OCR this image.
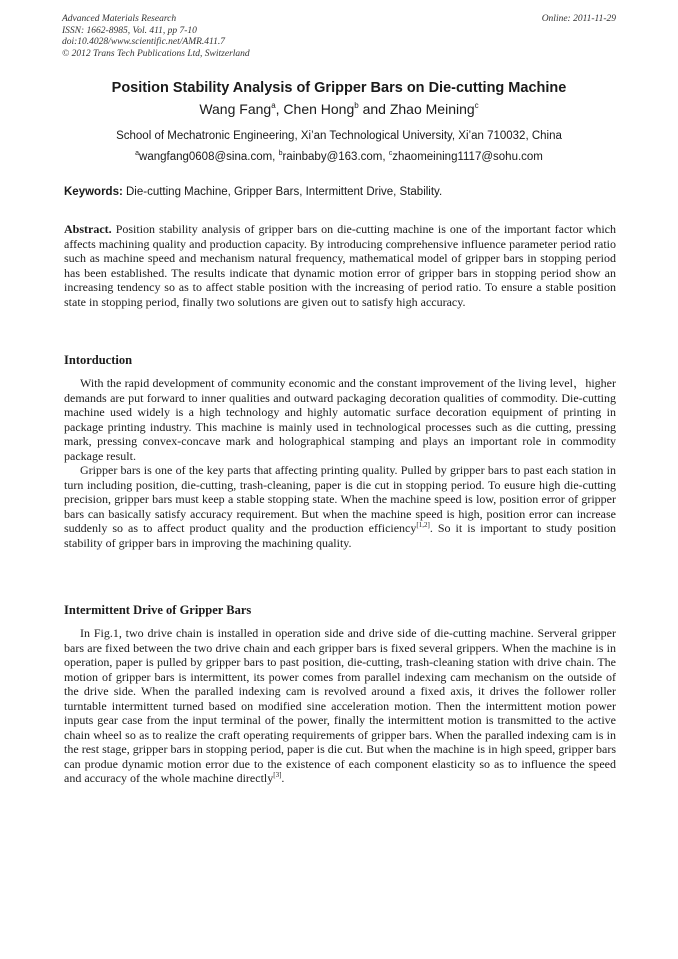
Advanced Materials Research
ISSN: 1662-8985, Vol. 411, pp 7-10
doi:10.4028/www.scientific.net/AMR.411.7
© 2012 Trans Tech Publications Ltd, Switzerland
Online: 2011-11-29
Position Stability Analysis of Gripper Bars on Die-cutting Machine
Wang Fang$^a$, Chen Hong$^b$ and Zhao Meining$^c$
School of Mechatronic Engineering, Xi’an Technological University, Xi’an 710032, China
$^a$wangfang0608@sina.com, $^b$rainbaby@163.com, $^c$zhaomeining1117@sohu.com
Keywords: Die-cutting Machine, Gripper Bars, Intermittent Drive, Stability.
Abstract. Position stability analysis of gripper bars on die-cutting machine is one of the important factor which affects machining quality and production capacity. By introducing comprehensive influence parameter period ratio such as machine speed and mechanism natural frequency, mathematical model of gripper bars in stopping period has been established. The results indicate that dynamic motion error of gripper bars in stopping period show an increasing tendency so as to affect stable position with the increasing of period ratio. To ensure a stable position state in stopping period, finally two solutions are given out to satisfy high accuracy.
Intorduction

With the rapid development of community economic and the constant improvement of the living level，higher demands are put forward to inner qualities and outward packaging decoration qualities of commodity. Die-cutting machine used widely is a high technology and highly automatic surface decoration equipment of printing in package printing industry. This machine is mainly used in technological processes such as die cutting, pressing mark, pressing convex-concave mark and holographical stamping and plays an important role in commodity package result.

Gripper bars is one of the key parts that affecting printing quality. Pulled by gripper bars to past each station in turn including position, die-cutting, trash-cleaning, paper is die cut in stopping period. To eusure high die-cutting precision, gripper bars must keep a stable stopping state. When the machine speed is low, position error of gripper bars can basically satisfy accuracy requirement. But when the machine speed is high, position error can increase suddenly so as to affect product quality and the production efficiency[1,2]. So it is important to study position stability of gripper bars in improving the machining quality.

Intermittent Drive of Gripper Bars

In Fig.1, two drive chain is installed in operation side and drive side of die-cutting machine. Serveral gripper bars are fixed between the two drive chain and each gripper bars is fixed several grippers. When the machine is in operation, paper is pulled by gripper bars to past position, die-cutting, trash-cleaning station with drive chain. The motion of gripper bars is intermittent, its power comes from parallel indexing cam mechanism on the outside of the drive side. When the paralled indexing cam is revolved around a fixed axis, it drives the follower roller turntable intermittent turned based on modified sine acceleration motion. Then the intermittent motion power inputs gear case from the input terminal of the power, finally the intermittent motion is transmitted to the active chain wheel so as to realize the craft operating requirements of gripper bars. When the paralled indexing cam is in the rest stage, gripper bars in stopping period, paper is die cut. But when the machine is in high speed, gripper bars can produe dynamic motion error due to the existence of each component elasticity so as to influence the speed and accuracy of the whole machine directly[3].
